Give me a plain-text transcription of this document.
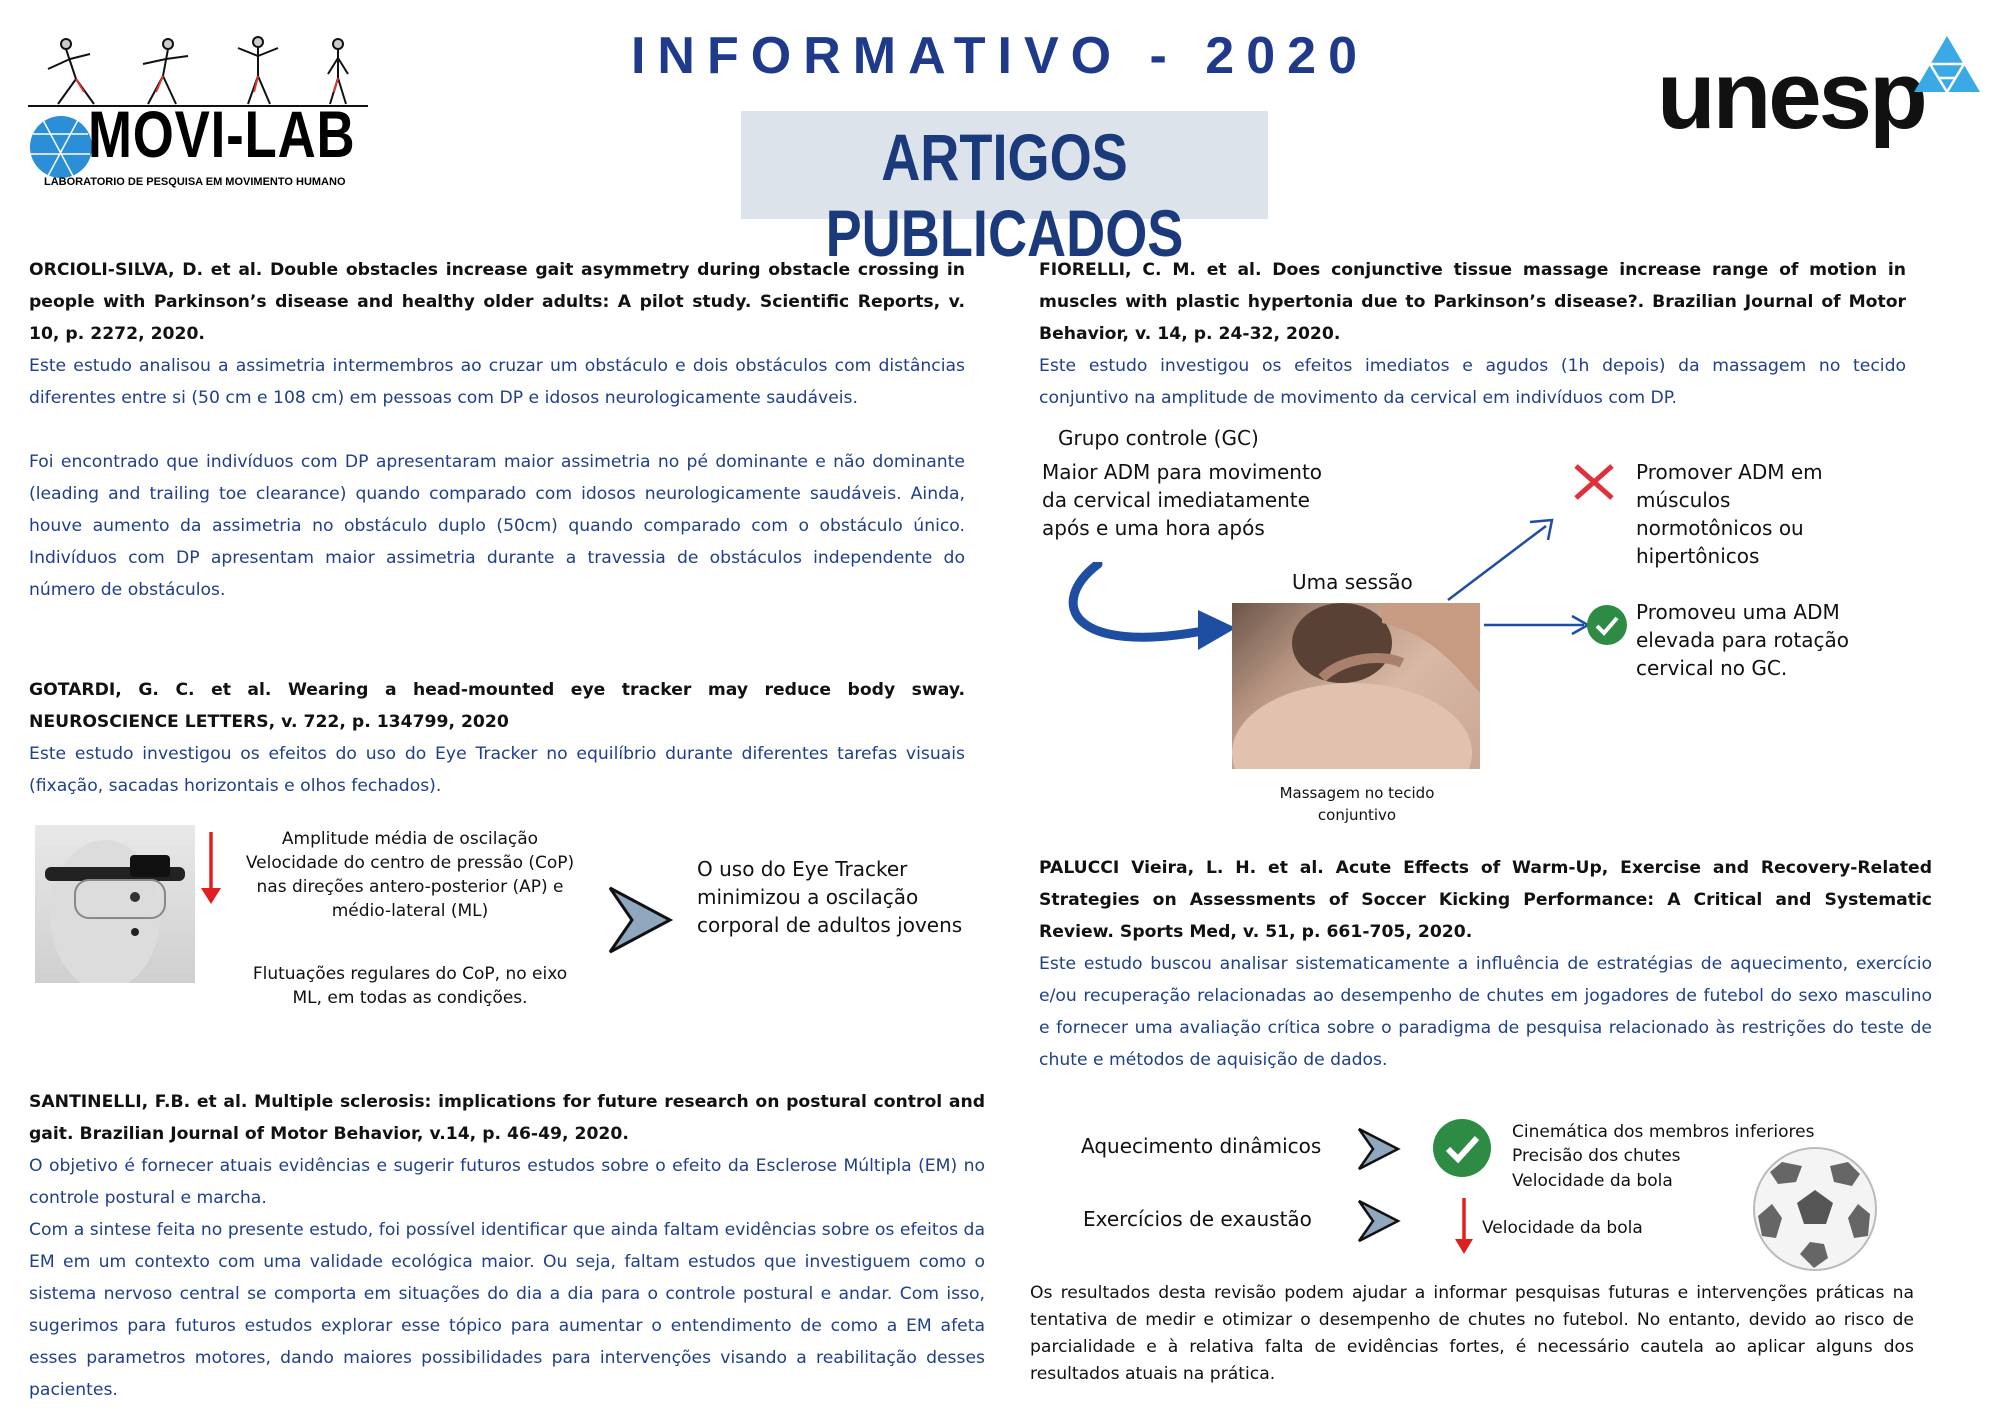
MOVI-LAB
LABORATORIO DE PESQUISA EM MOVIMENTO HUMANO
INFORMATIVO - 2020
ARTIGOS PUBLICADOS
unesp
ORCIOLI-SILVA, D. et al. Double obstacles increase gait asymmetry during obstacle crossing in people with Parkinson’s disease and healthy older adults: A pilot study. Scientific Reports, v. 10, p. 2272, 2020.
Este estudo analisou a assimetria intermembros ao cruzar um obstáculo e dois obstáculos com distâncias diferentes entre si (50 cm e 108 cm) em pessoas com DP e idosos neurologicamente saudáveis.
Foi encontrado que indivíduos com DP apresentaram maior assimetria no pé dominante e não dominante (leading and trailing toe clearance) quando comparado com idosos neurologicamente saudáveis. Ainda, houve aumento da assimetria no obstáculo duplo (50cm) quando comparado com o obstáculo único. Indivíduos com DP apresentam maior assimetria durante a travessia de obstáculos independente do número de obstáculos.
GOTARDI, G. C. et al. Wearing a head-mounted eye tracker may reduce body sway. NEUROSCIENCE LETTERS, v. 722, p. 134799, 2020
Este estudo investigou os efeitos do uso do Eye Tracker no equilíbrio durante diferentes tarefas visuais (fixação, sacadas horizontais e olhos fechados).
Amplitude média de oscilação
Velocidade do centro de pressão (CoP) nas direções antero-posterior (AP) e médio-lateral (ML)
Flutuações regulares do CoP, no eixo ML, em todas as condições.
O uso do Eye Tracker minimizou a oscilação corporal de adultos jovens
SANTINELLI, F.B. et al. Multiple sclerosis: implications for future research on postural control and gait. Brazilian Journal of Motor Behavior, v.14, p. 46-49, 2020.
O objetivo é fornecer atuais evidências e sugerir futuros estudos sobre o efeito da Esclerose Múltipla (EM) no controle postural e marcha.
Com a sintese feita no presente estudo, foi possível identificar que ainda faltam evidências sobre os efeitos da EM em um contexto com uma validade ecológica maior. Ou seja, faltam estudos que investiguem como o sistema nervoso central se comporta em situações do dia a dia para o controle postural e andar. Com isso, sugerimos para futuros estudos explorar esse tópico para aumentar o entendimento de como a EM afeta esses parametros motores, dando maiores possibilidades para intervenções visando a reabilitação desses pacientes.
FIORELLI, C. M. et al. Does conjunctive tissue massage increase range of motion in muscles with plastic hypertonia due to Parkinson’s disease?. Brazilian Journal of Motor Behavior, v. 14, p. 24-32, 2020.
Este estudo investigou os efeitos imediatos e agudos (1h depois) da massagem no tecido conjuntivo na amplitude de movimento da cervical em indivíduos com DP.
Grupo controle (GC)
Maior ADM para movimento da cervical imediatamente após e uma hora após
Uma sessão
Massagem no tecido conjuntivo
Promover ADM em músculos normotônicos ou hipertônicos
Promoveu uma ADM elevada para rotação cervical no GC.
PALUCCI Vieira, L. H. et al. Acute Effects of Warm-Up, Exercise and Recovery-Related Strategies on Assessments of Soccer Kicking Performance: A Critical and Systematic Review. Sports Med, v. 51, p. 661-705, 2020.
Este estudo buscou analisar sistematicamente a influência de estratégias de aquecimento, exercício e/ou recuperação relacionadas ao desempenho de chutes em jogadores de futebol do sexo masculino e fornecer uma avaliação crítica sobre o paradigma de pesquisa relacionado às restrições do teste de chute e métodos de aquisição de dados.
Aquecimento dinâmicos
Cinemática dos membros inferiores
Precisão dos chutes
Velocidade da bola
Exercícios de exaustão	Velocidade da bola
Os resultados desta revisão podem ajudar a informar pesquisas futuras e intervenções práticas na tentativa de medir e otimizar o desempenho de chutes no futebol. No entanto, devido ao risco de parcialidade e à relativa falta de evidências fortes, é necessário cautela ao aplicar alguns dos resultados atuais na prática.
